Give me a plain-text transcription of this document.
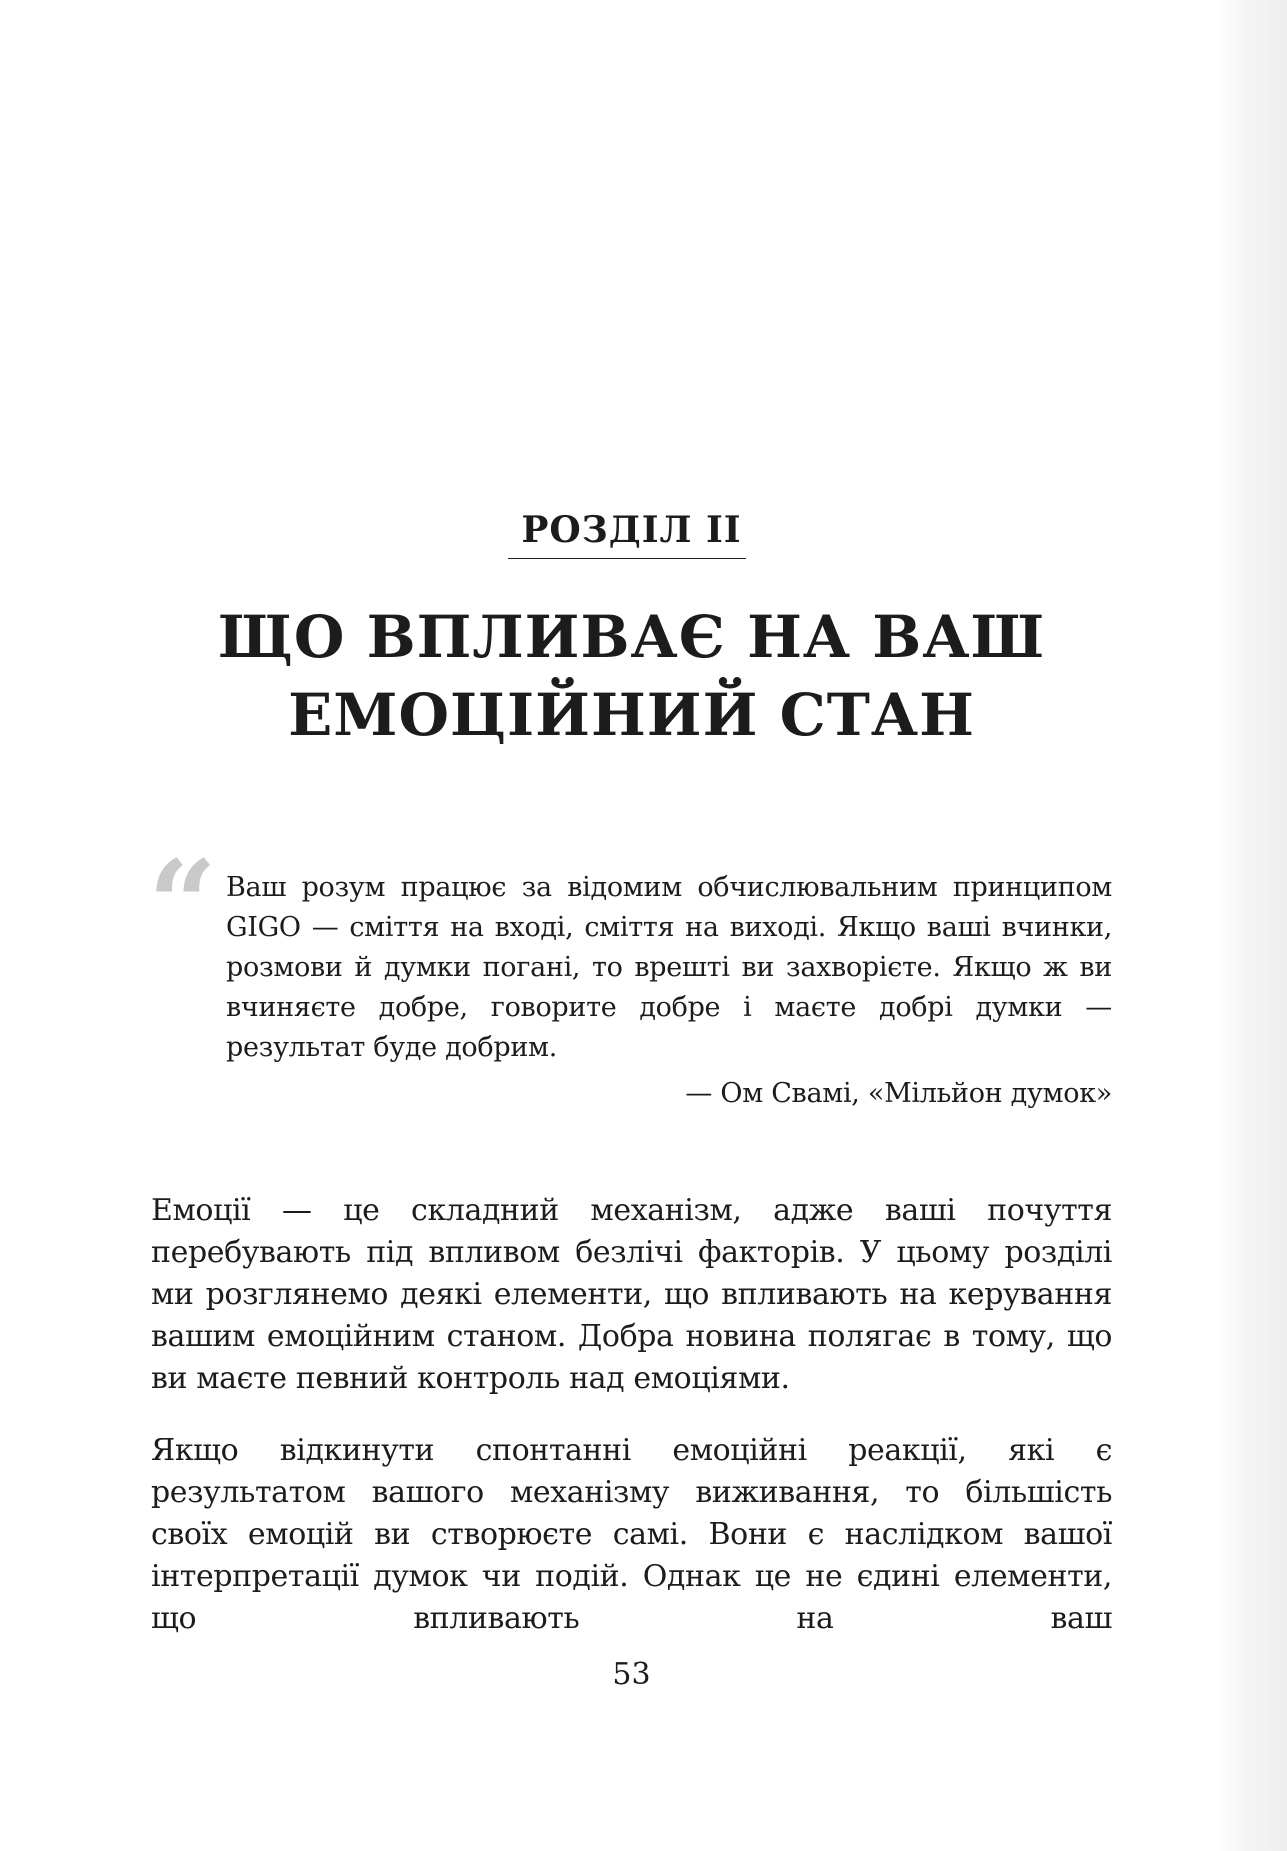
РОЗДІЛ II
ЩО ВПЛИВАЄ НА ВАШ
ЕМОЦІЙНИЙ СТАН
“ Ваш розум працює за відомим обчислювальним принципом GIGO — сміття на вході, сміття на виході. Якщо ваші вчинки, розмови й думки погані, то врешті ви захворієте. Якщо ж ви вчиняєте добре, говорите добре і маєте добрі думки — результат буде добрим.

— Ом Свамі, «Мільйон думок»

Емоції — це складний механізм, адже ваші почуття перебувають під впливом безлічі факторів. У цьому розділі ми розглянемо деякі елементи, що впливають на керування вашим емоційним станом. Добра новина полягає в тому, що ви маєте певний контроль над емоціями.

Якщо відкинути спонтанні емоційні реакції, які є результатом вашого механізму виживання, то більшість своїх емоцій ви створюєте самі. Вони є наслідком вашої інтерпретації думок чи подій. Однак це не єдині елементи, що впливають на ваш

53
